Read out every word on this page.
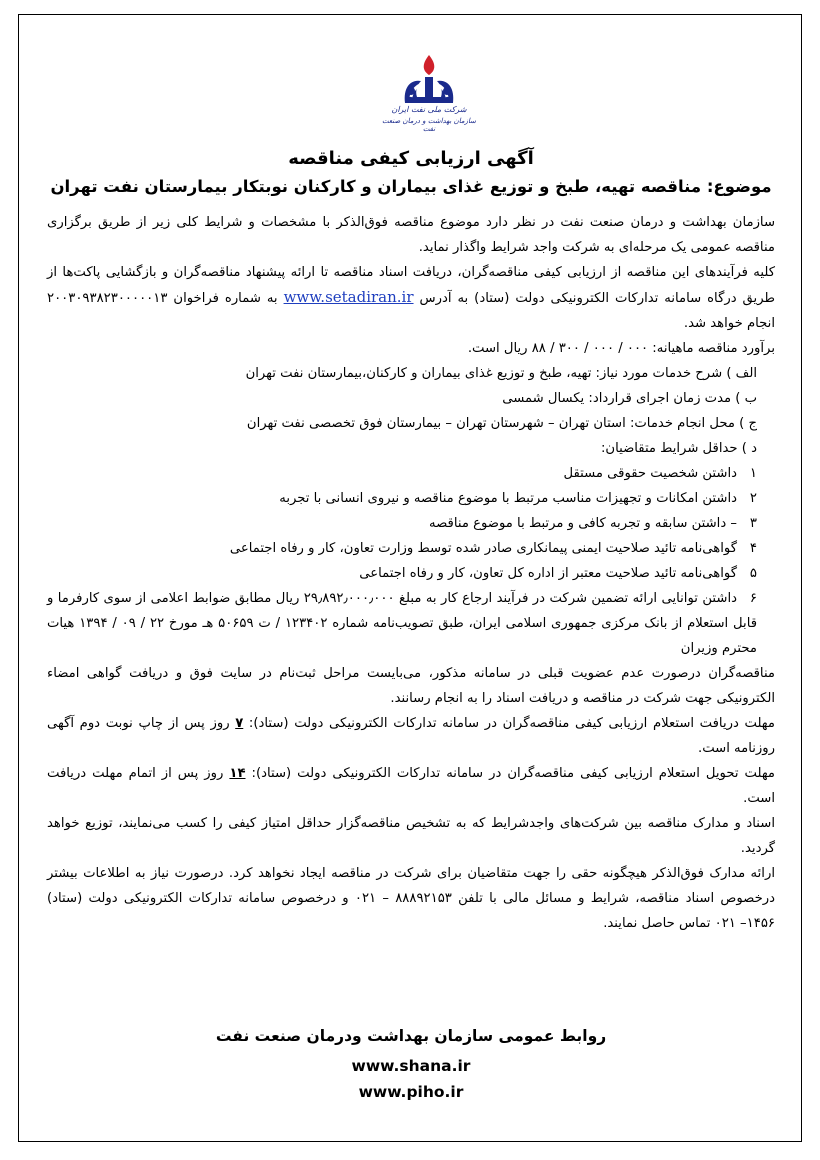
شرکت ملی نفت ایران
سازمان بهداشت و درمان صنعت نفت
آگهی ارزیابی کیفی مناقصه
موضوع: مناقصه تهیه، طبخ و توزیع غذای بیماران و کارکنان نوبتکار بیمارستان نفت تهران

سازمان بهداشت و درمان صنعت نفت در نظر دارد موضوع مناقصه فوق‌الذکر با مشخصات و شرایط کلی زیر از طریق برگزاری مناقصه عمومی یک مرحله‌ای به شرکت واجد شرایط واگذار نماید.

کلیه فرآیندهای این مناقصه از ارزیابی کیفی مناقصه‌گران، دریافت اسناد مناقصه تا ارائه پیشنهاد مناقصه‌گران و بازگشایی پاکت‌ها از طریق درگاه سامانه تدارکات الکترونیکی دولت (ستاد) به آدرس www.setadiran.ir به شماره فراخوان ۲۰۰۳۰۹۳۸۲۳۰۰۰۰۰۱۳ انجام خواهد شد.

برآورد مناقصه ماهیانه: ۰۰۰ / ۰۰۰ / ۳۰۰ / ۸۸ ریال است.

الف ) شرح خدمات مورد نیاز: تهیه، طبخ و توزیع غذای بیماران و کارکنان،بیمارستان نفت تهران

ب ) مدت زمان اجرای قرارداد: یکسال شمسی

ج ) محل انجام خدمات: استان تهران – شهرستان تهران – بیمارستان فوق تخصصی نفت تهران

د ) حداقل شرایط متقاضیان:

۱داشتن شخصیت حقوقی مستقل
۲داشتن امکانات و تجهیزات مناسب مرتبط با موضوع مناقصه و نیروی انسانی با تجربه
۳– داشتن سابقه و تجربه کافی و مرتبط با موضوع مناقصه
۴گواهی‌نامه تائید صلاحیت ایمنی پیمانکاری صادر شده توسط وزارت تعاون، کار و رفاه اجتماعی
۵گواهی‌نامه تائید صلاحیت معتبر از اداره کل تعاون، کار و رفاه اجتماعی
۶داشتن توانایی ارائه تضمین شرکت در فرآیند ارجاع کار به مبلغ ۲۹٫۸۹۲٫۰۰۰٫۰۰۰ ریال مطابق ضوابط اعلامی از سوی کارفرما و قابل استعلام از بانک مرکزی جمهوری اسلامی ایران، طبق تصویب‌نامه شماره ۱۲۳۴۰۲ / ت ۵۰۶۵۹ هـ مورخ ۲۲ / ۰۹ / ۱۳۹۴ هیات محترم وزیران

مناقصه‌گران درصورت عدم عضویت قبلی در سامانه مذکور، می‌بایست مراحل ثبت‌نام در سایت فوق و دریافت گواهی امضاء الکترونیکی جهت شرکت در مناقصه و دریافت اسناد را به انجام رسانند.

مهلت دریافت استعلام ارزیابی کیفی مناقصه‌گران در سامانه تدارکات الکترونیکی دولت (ستاد): ۷ روز پس از چاپ نوبت دوم آگهی روزنامه است.

مهلت تحویل استعلام ارزیابی کیفی مناقصه‌گران در سامانه تدارکات الکترونیکی دولت (ستاد): ۱۴ روز پس از اتمام مهلت دریافت است.

اسناد و مدارک مناقصه بین شرکت‌های واجدشرایط که به تشخیص مناقصه‌گزار حداقل امتیاز کیفی را کسب می‌نمایند، توزیع خواهد گردید.

ارائه مدارک فوق‌الذکر هیچگونه حقی را جهت متقاضیان برای شرکت در مناقصه ایجاد نخواهد کرد. درصورت نیاز به اطلاعات بیشتر درخصوص اسناد مناقصه، شرایط و مسائل مالی با تلفن ۸۸۸۹۲۱۵۳ – ۰۲۱ و درخصوص سامانه تدارکات الکترونیکی دولت (ستاد) ۱۴۵۶– ۰۲۱ تماس حاصل نمایند.

روابط عمومی سازمان بهداشت ودرمان صنعت نفت
www.shana.ir
www.piho.ir
